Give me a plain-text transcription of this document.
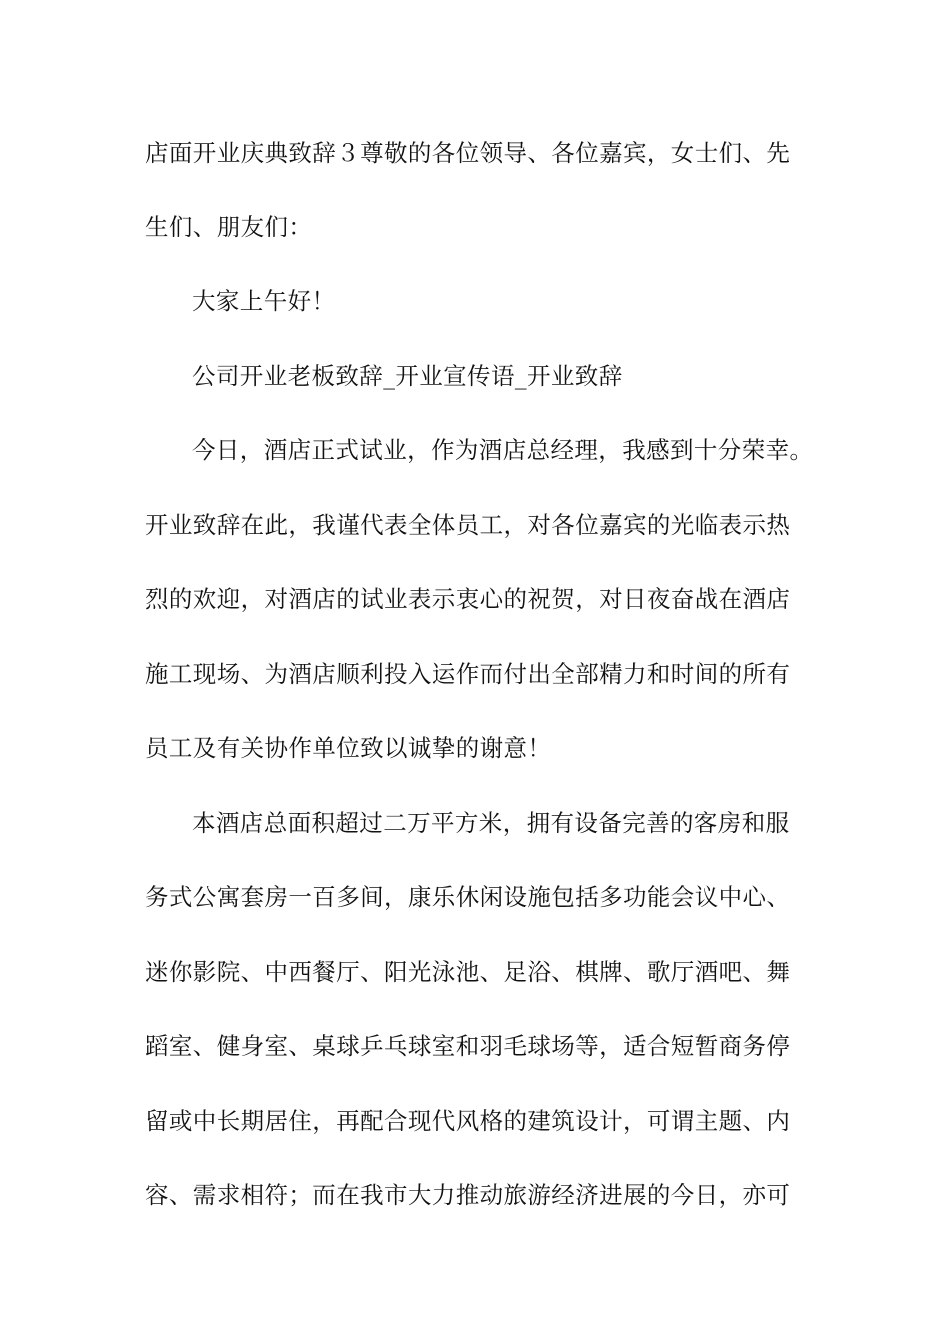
店面开业庆典致辞３尊敬的各位领导、各位嘉宾，女士们、先
生们、朋友们：
大家上午好！
公司开业老板致辞_开业宣传语_开业致辞
今日，酒店正式试业，作为酒店总经理，我感到十分荣幸。
开业致辞在此，我谨代表全体员工，对各位嘉宾的光临表示热
烈的欢迎，对酒店的试业表示衷心的祝贺，对日夜奋战在酒店
施工现场、为酒店顺利投入运作而付出全部精力和时间的所有
员工及有关协作单位致以诚挚的谢意！
本酒店总面积超过二万平方米，拥有设备完善的客房和服
务式公寓套房一百多间，康乐休闲设施包括多功能会议中心、
迷你影院、中西餐厅、阳光泳池、足浴、棋牌、歌厅酒吧、舞
蹈室、健身室、桌球乒乓球室和羽毛球场等，适合短暂商务停
留或中长期居住，再配合现代风格的建筑设计，可谓主题、内
容、需求相符；而在我市大力推动旅游经济进展的今日，亦可
